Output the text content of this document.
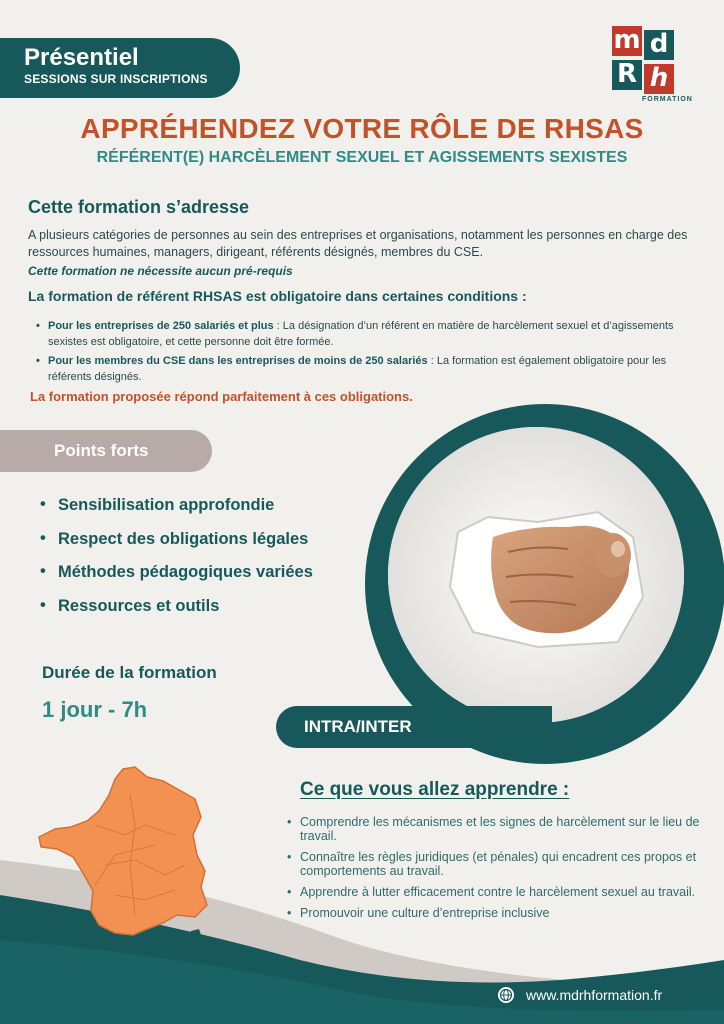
Présentiel
SESSIONS SUR INSCRIPTIONS
m d
R h
FORMATION
APPRÉHENDEZ VOTRE RÔLE DE RHSAS
RÉFÉRENT(E) HARCÈLEMENT SEXUEL ET AGISSEMENTS SEXISTES
Cette formation s’adresse
A plusieurs catégories de personnes au sein des entreprises et organisations, notamment les personnes en charge des ressources humaines, managers, dirigeant, référents désignés, membres du CSE.
Cette formation ne nécessite aucun pré-requis
La formation de référent RHSAS est obligatoire dans certaines conditions :
• Pour les entreprises de 250 salariés et plus : La désignation d’un référent en matière de harcèlement sexuel et d’agissements sexistes est obligatoire, et cette personne doit être formée.
• Pour les membres du CSE dans les entreprises de moins de 250 salariés : La formation est également obligatoire pour les référents désignés.
La formation proposée répond parfaitement à ces obligations.
Points forts
• Sensibilisation approfondie
• Respect des obligations légales
• Méthodes pédagogiques variées
• Ressources et outils
Durée de la formation
1 jour - 7h
INTRA/INTER
Ce que vous allez apprendre :
• Comprendre les mécanismes et les signes de harcèlement sur le lieu de travail.
• Connaître les règles juridiques (et pénales) qui encadrent ces propos et comportements au travail.
• Apprendre à lutter efficacement contre le harcèlement sexuel au travail.
• Promouvoir une culture d’entreprise inclusive
www.mdrhformation.fr
